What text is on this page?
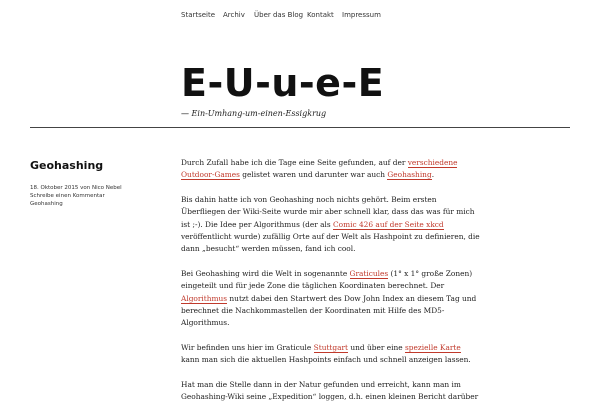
Startseite Archiv Über das Blog Kontakt Impressum
E-U-u-e-E
— Ein-Umhang-um-einen-Essigkrug
Geohashing
18. Oktober 2015 von Nico Nebel
Schreibe einen Kommentar
Geohashing

Durch Zufall habe ich die Tage eine Seite gefunden, auf der verschiedene Outdoor-Games gelistet waren und darunter war auch Geohashing.

Bis dahin hatte ich von Geohashing noch nichts gehört. Beim ersten Überfliegen der Wiki-Seite wurde mir aber schnell klar, dass das was für mich ist ;-). Die Idee per Algorithmus (der als Comic 426 auf der Seite xkcd veröffentlicht wurde) zufällig Orte auf der Welt als Hashpoint zu definieren, die dann „besucht“ werden müssen, fand ich cool.

Bei Geohashing wird die Welt in sogenannte Graticules (1° x 1° große Zonen) eingeteilt und für jede Zone die täglichen Koordinaten berechnet. Der Algorithmus nutzt dabei den Startwert des Dow John Index an diesem Tag und berechnet die Nachkommastellen der Koordinaten mit Hilfe des MD5-Algorithmus.

Wir befinden uns hier im Graticule Stuttgart und über eine spezielle Karte kann man sich die aktuellen Hashpoints einfach und schnell anzeigen lassen.

Hat man die Stelle dann in der Natur gefunden und erreicht, kann man im Geohashing-Wiki seine „Expedition“ loggen, d.h. einen kleinen Bericht darüber
